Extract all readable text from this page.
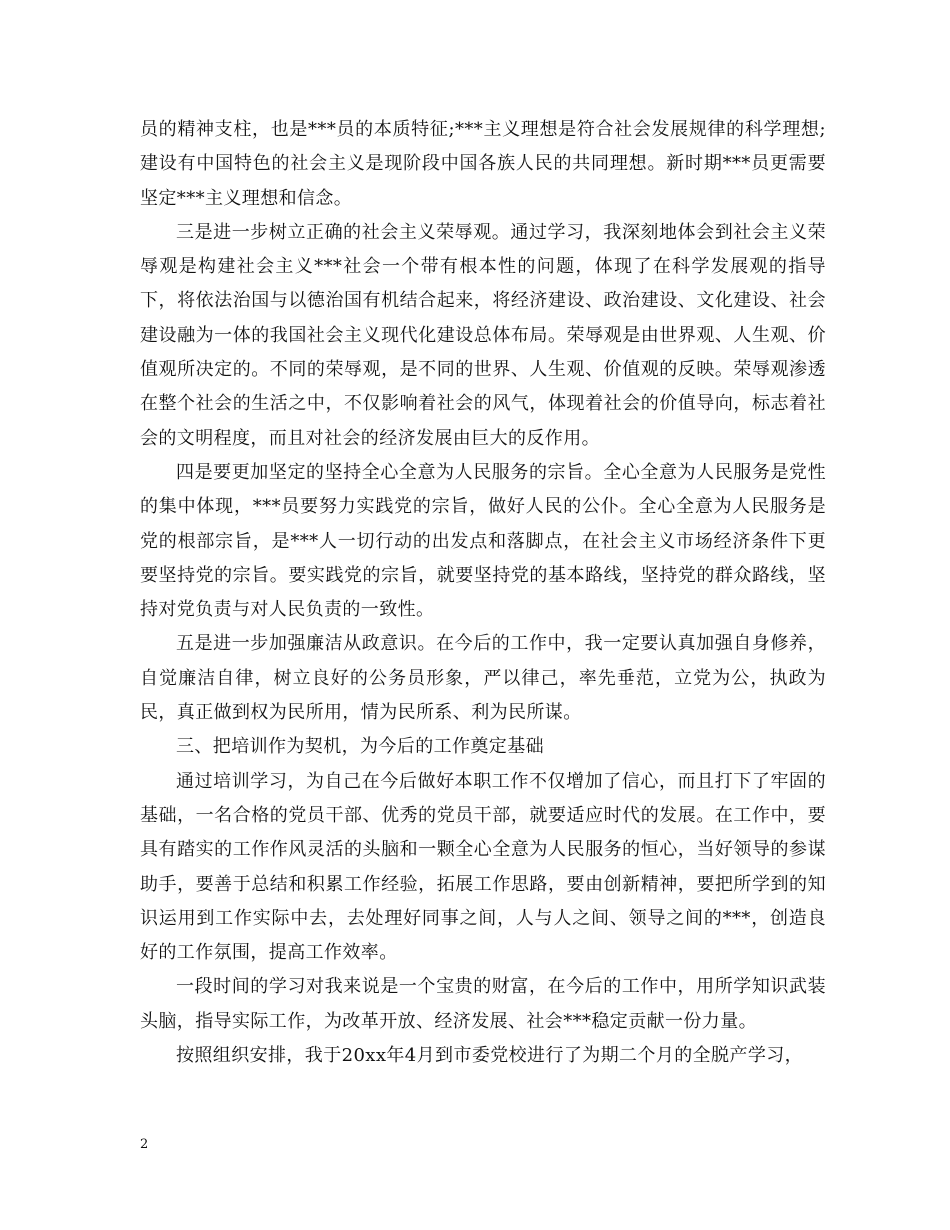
员的精神支柱，也是***员的本质特征;***主义理想是符合社会发展规律的科学理想;建设有中国特色的社会主义是现阶段中国各族人民的共同理想。新时期***员更需要坚定***主义理想和信念。

三是进一步树立正确的社会主义荣辱观。通过学习，我深刻地体会到社会主义荣辱观是构建社会主义***社会一个带有根本性的问题，体现了在科学发展观的指导下，将依法治国与以德治国有机结合起来，将经济建设、政治建设、文化建设、社会建设融为一体的我国社会主义现代化建设总体布局。荣辱观是由世界观、人生观、价值观所决定的。不同的荣辱观，是不同的世界、人生观、价值观的反映。荣辱观渗透在整个社会的生活之中，不仅影响着社会的风气，体现着社会的价值导向，标志着社会的文明程度，而且对社会的经济发展由巨大的反作用。

四是要更加坚定的坚持全心全意为人民服务的宗旨。全心全意为人民服务是党性的集中体现，***员要努力实践党的宗旨，做好人民的公仆。全心全意为人民服务是党的根部宗旨，是***人一切行动的出发点和落脚点，在社会主义市场经济条件下更要坚持党的宗旨。要实践党的宗旨，就要坚持党的基本路线，坚持党的群众路线，坚持对党负责与对人民负责的一致性。

五是进一步加强廉洁从政意识。在今后的工作中，我一定要认真加强自身修养，自觉廉洁自律，树立良好的公务员形象，严以律己，率先垂范，立党为公，执政为民，真正做到权为民所用，情为民所系、利为民所谋。

三、把培训作为契机，为今后的工作奠定基础

通过培训学习，为自己在今后做好本职工作不仅增加了信心，而且打下了牢固的基础，一名合格的党员干部、优秀的党员干部，就要适应时代的发展。在工作中，要具有踏实的工作作风灵活的头脑和一颗全心全意为人民服务的恒心，当好领导的参谋助手，要善于总结和积累工作经验，拓展工作思路，要由创新精神，要把所学到的知识运用到工作实际中去，去处理好同事之间，人与人之间、领导之间的***，创造良好的工作氛围，提高工作效率。

一段时间的学习对我来说是一个宝贵的财富，在今后的工作中，用所学知识武装头脑，指导实际工作，为改革开放、经济发展、社会***稳定贡献一份力量。

按照组织安排，我于20xx年4月到市委党校进行了为期二个月的全脱产学习，

2
